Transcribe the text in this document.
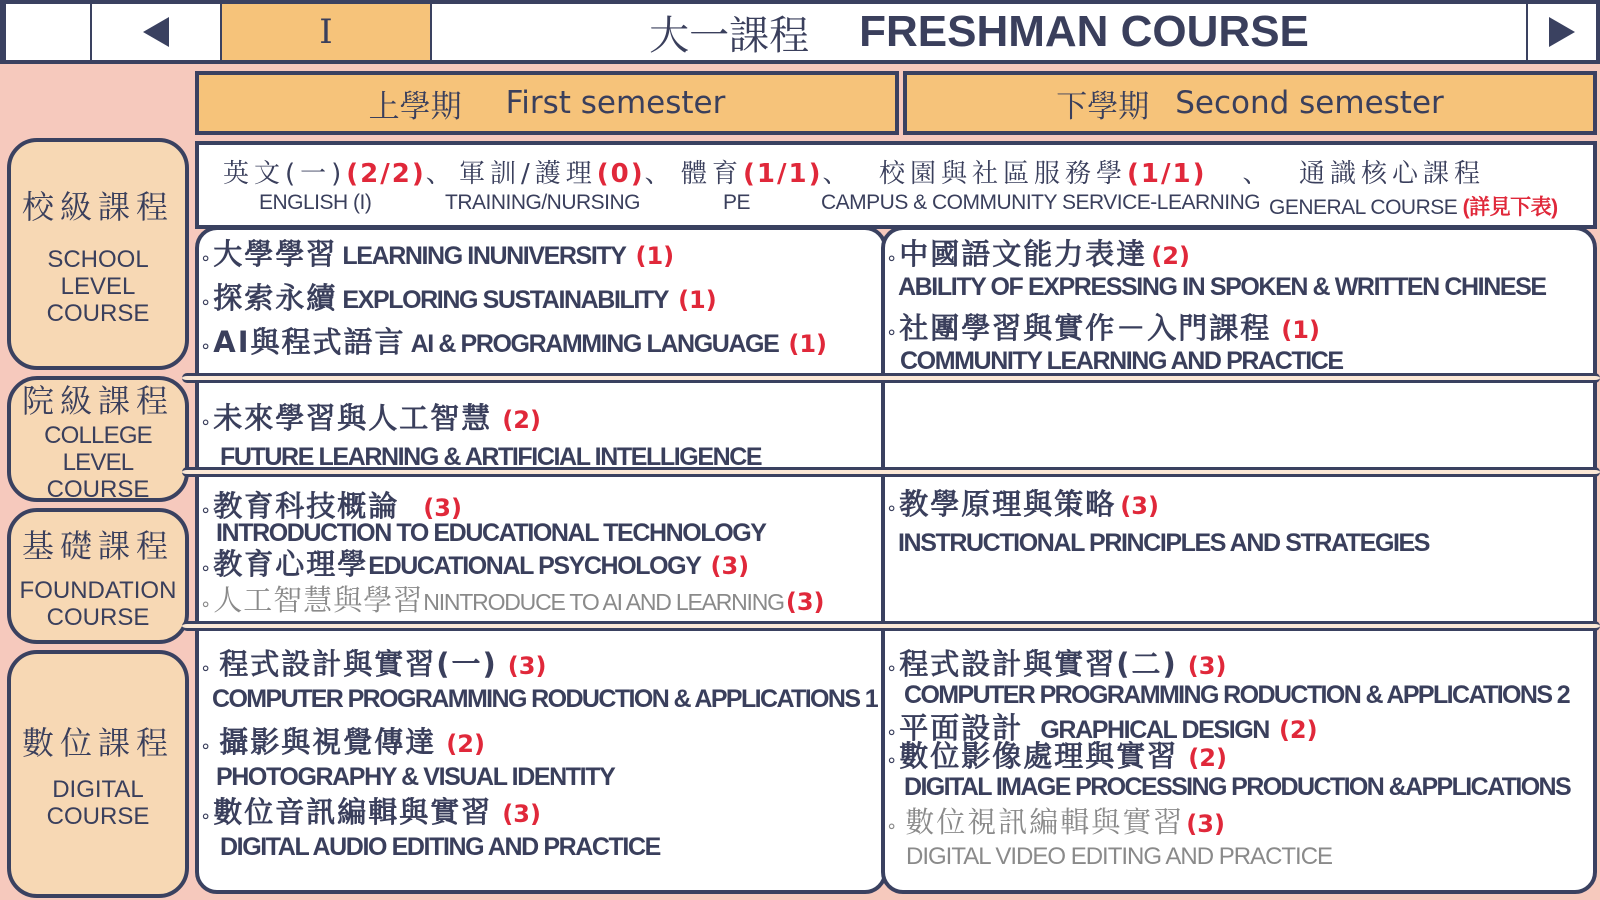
I	大一課程 FRESHMAN COURSE
上學期 First semester	下學期 Second semester
校級課程
SCHOOL
LEVEL
COURSE
院級課程
COLLEGE LEVEL
COURSE
基礎課程
FOUNDATION
COURSE
數位課程
DIGITAL
COURSE
英文(一)(2/2)、
ENGLISH (I)
軍訓/護理(0)、
TRAINING/NURSING
體育(1/1)、
PE
校園與社區服務學(1/1) 、
CAMPUS & COMMUNITY SERVICE-LEARNING
通識核心課程
GENERAL COURSE (詳見下表)
∘大學學習 LEARNING INUNIVERSITY (1)
∘探索永續 EXPLORING SUSTAINABILITY (1)
∘AI與程式語言 AI & PROGRAMMING LANGUAGE (1)
∘中國語文能力表達 (2)
ABILITY OF EXPRESSING IN SPOKEN & WRITTEN CHINESE
∘社團學習與實作－入門課程 (1)
COMMUNITY LEARNING AND PRACTICE
∘未來學習與人工智慧 (2)
FUTURE LEARNING & ARTIFICIAL INTELLIGENCE
∘教育科技概論 (3)
INTRODUCTION TO EDUCATIONAL TECHNOLOGY
∘教育心理學EDUCATIONAL PSYCHOLOGY (3)
∘人工智慧與學習NINTRODUCE TO AI AND LEARNING(3)
∘教學原理與策略 (3)
INSTRUCTIONAL PRINCIPLES AND STRATEGIES
∘ 程式設計與實習(一) (3)
COMPUTER PROGRAMMING RODUCTION & APPLICATIONS 1
∘ 攝影與視覺傳達 (2)
PHOTOGRAPHY & VISUAL IDENTITY
∘數位音訊編輯與實習 (3)
DIGITAL AUDIO EDITING AND PRACTICE
∘程式設計與實習(二) (3)
COMPUTER PROGRAMMING RODUCTION & APPLICATIONS 2
∘平面設計 GRAPHICAL DESIGN (2)
∘數位影像處理與實習 (2)
DIGITAL IMAGE PROCESSING PRODUCTION &APPLICATIONS
∘ 數位視訊編輯與實習(3)
DIGITAL VIDEO EDITING AND PRACTICE
